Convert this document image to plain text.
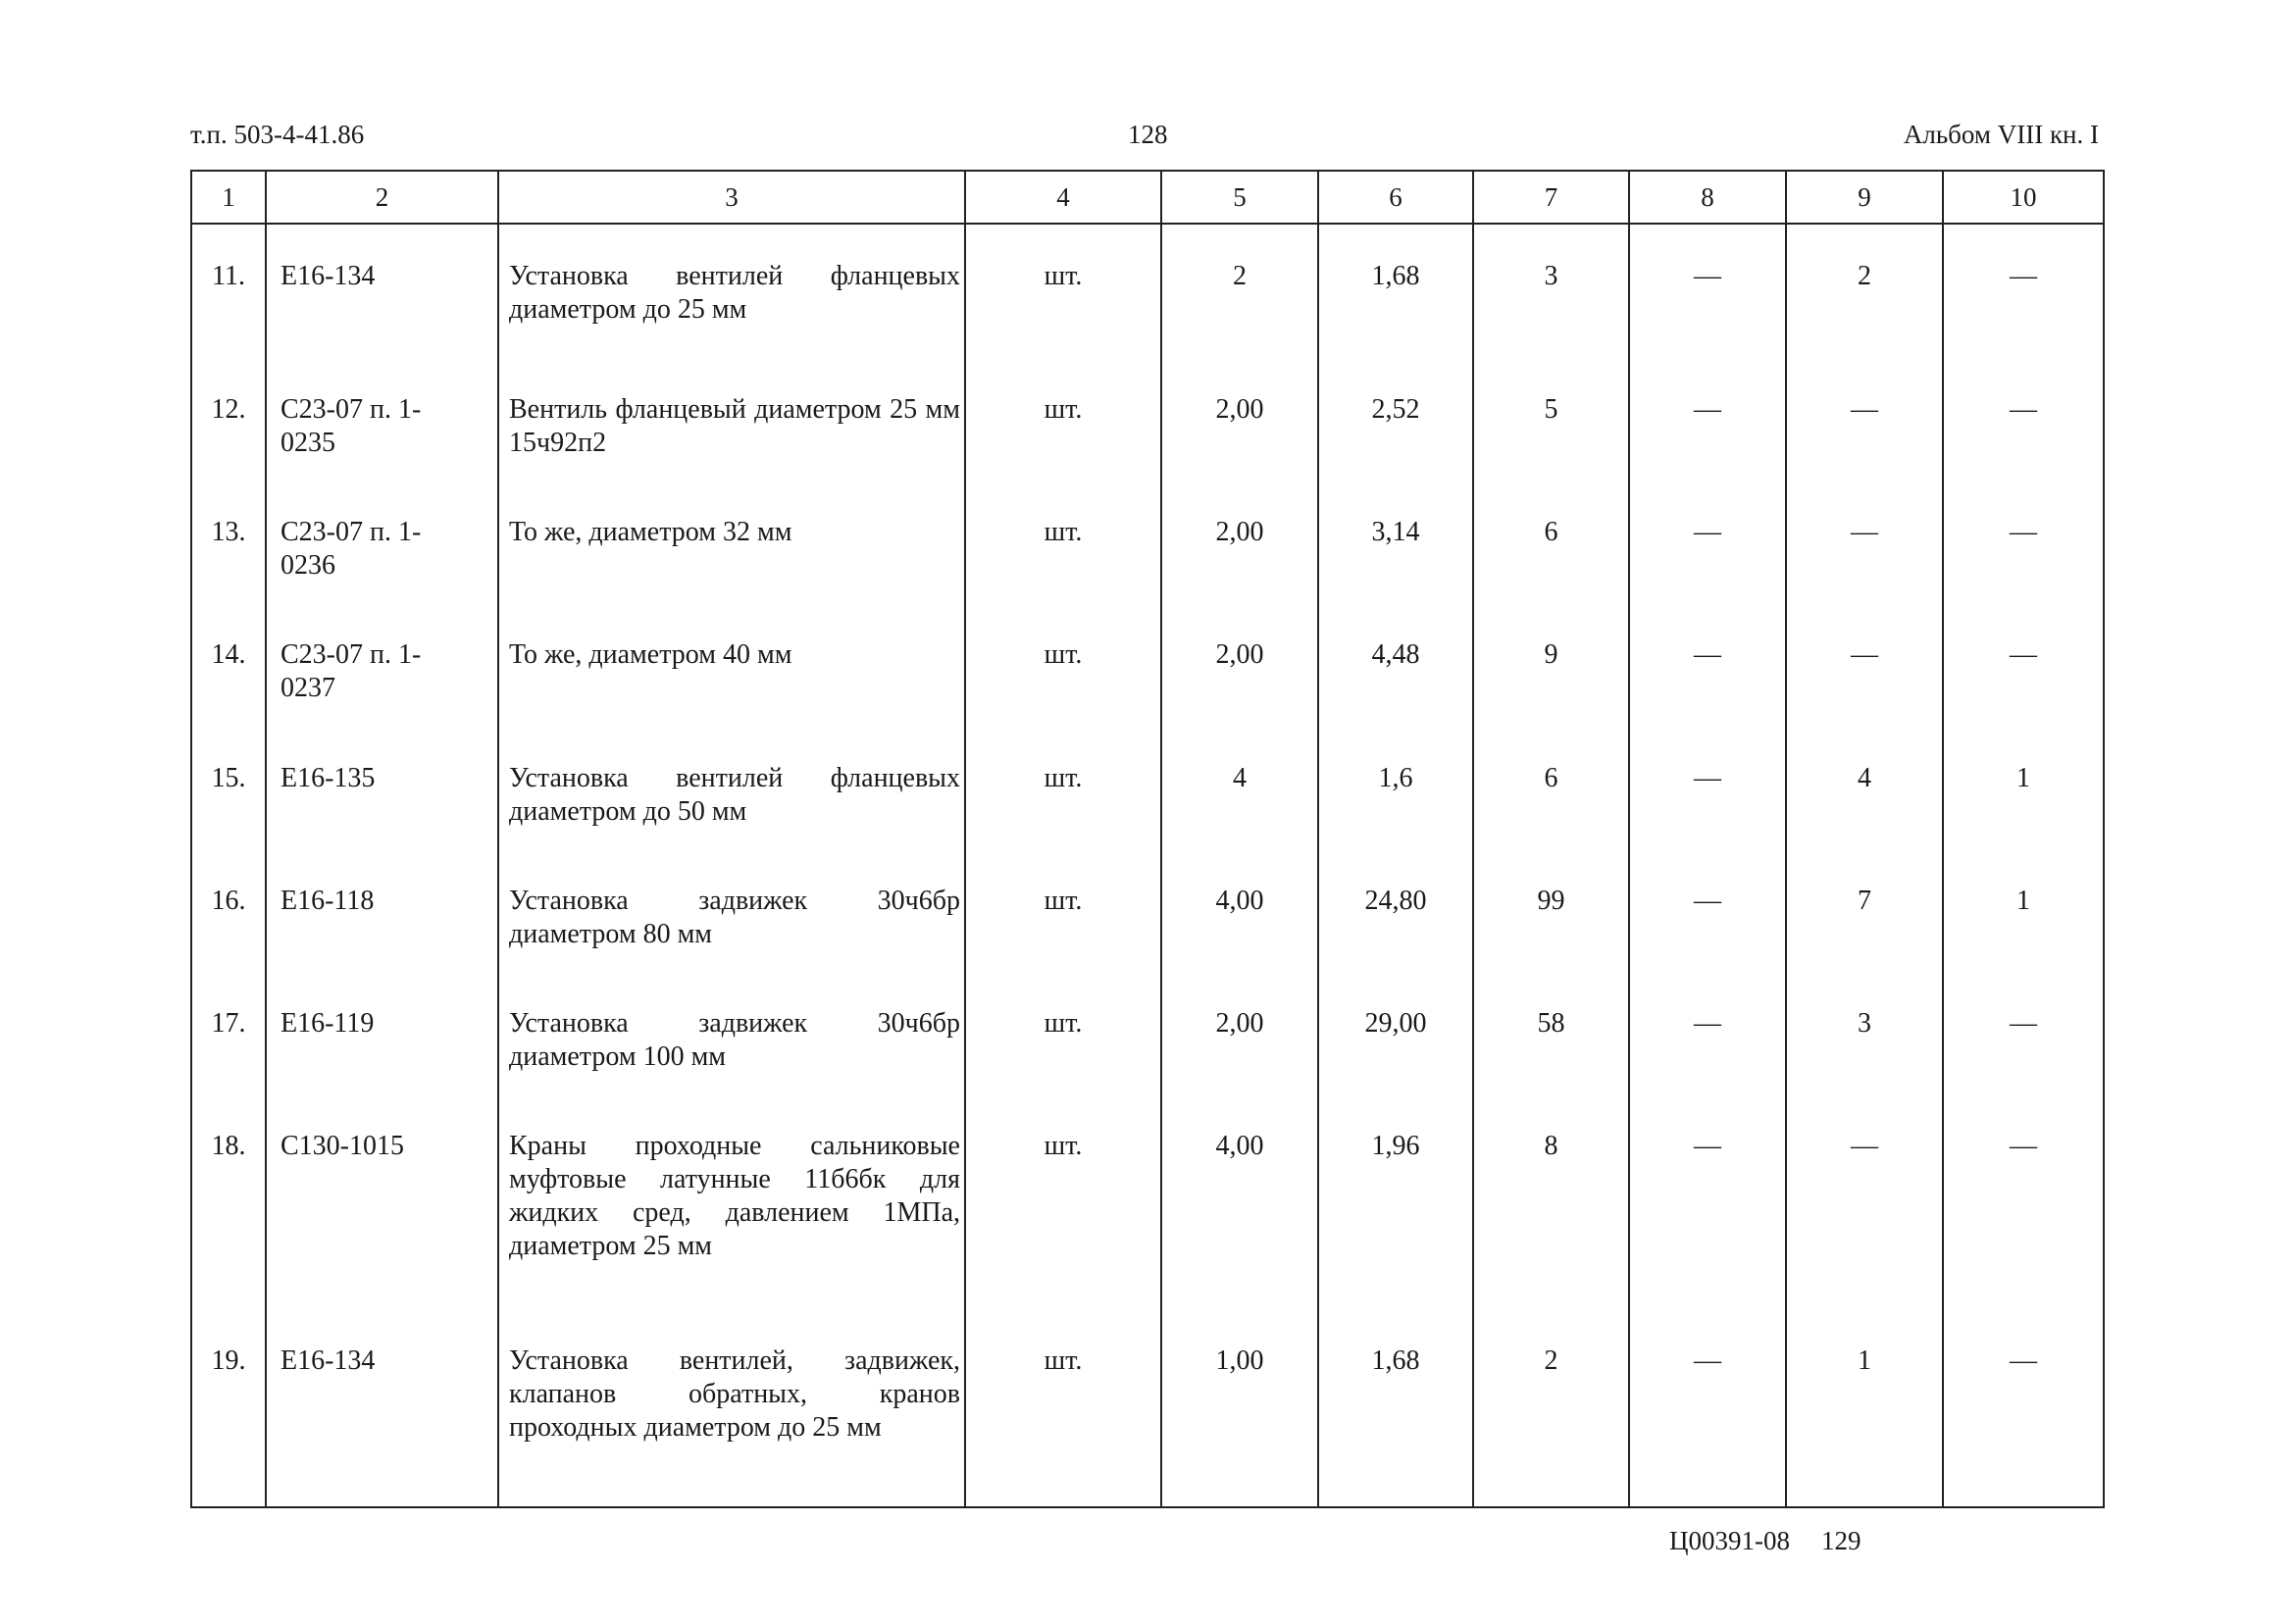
т.п. 503-4-41.86	128	Альбом VIII кн. I
1	2	3	4	5	6	7	8	9	10
11.	Е16-134	Установка вентилей фланцевых диаметром до 25 мм	шт.	2	1,68	3	—	2	—
12.	С23-07 п. 1-0235	Вентиль фланцевый диаметром 25 мм 15ч92п2	шт.	2,00	2,52	5	—	—	—
13.	С23-07 п. 1-0236	То же, диаметром 32 мм	шт.	2,00	3,14	6	—	—	—
14.	С23-07 п. 1-0237	То же, диаметром 40 мм	шт.	2,00	4,48	9	—	—	—
15.	Е16-135	Установка вентилей фланцевых диаметром до 50 мм	шт.	4	1,6	6	—	4	1
16.	Е16-118	Установка задвижек 30ч6бр диаметром 80 мм	шт.	4,00	24,80	99	—	7	1
17.	Е16-119	Установка задвижек 30ч6бр диаметром 100 мм	шт.	2,00	29,00	58	—	3	—
18.	С130-1015	Краны проходные сальниковые муфтовые латунные 11б6бк для жидких сред, давлением 1МПа, диаметром 25 мм	шт.	4,00	1,96	8	—	—	—
19.	Е16-134	Установка вентилей, задвижек, клапанов обратных, кранов проходных диаметром до 25 мм	шт.	1,00	1,68	2	—	1	—

Ц00391-08 129
